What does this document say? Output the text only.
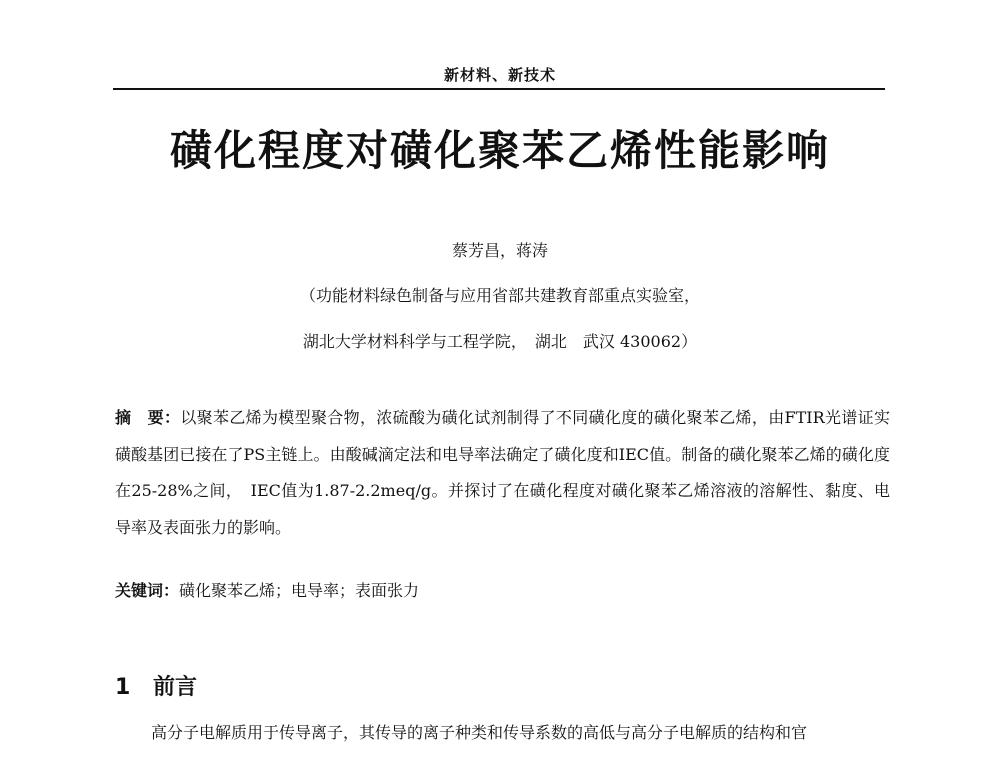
新材料、新技术
磺化程度对磺化聚苯乙烯性能影响
蔡芳昌，蒋涛
（功能材料绿色制备与应用省部共建教育部重点实验室，
湖北大学材料科学与工程学院，　湖北　武汉 430062）
摘　要：以聚苯乙烯为模型聚合物，浓硫酸为磺化试剂制得了不同磺化度的磺化聚苯乙烯，由FTIR光谱证实磺酸基团已接在了PS主链上。由酸碱滴定法和电导率法确定了磺化度和IEC值。制备的磺化聚苯乙烯的磺化度在25-28%之间，　IEC值为1.87-2.2meq/g。并探讨了在磺化程度对磺化聚苯乙烯溶液的溶解性、黏度、电导率及表面张力的影响。
关键词：磺化聚苯乙烯；电导率；表面张力
1 前言
高分子电解质用于传导离子，其传导的离子种类和传导系数的高低与高分子电解质的结构和官
